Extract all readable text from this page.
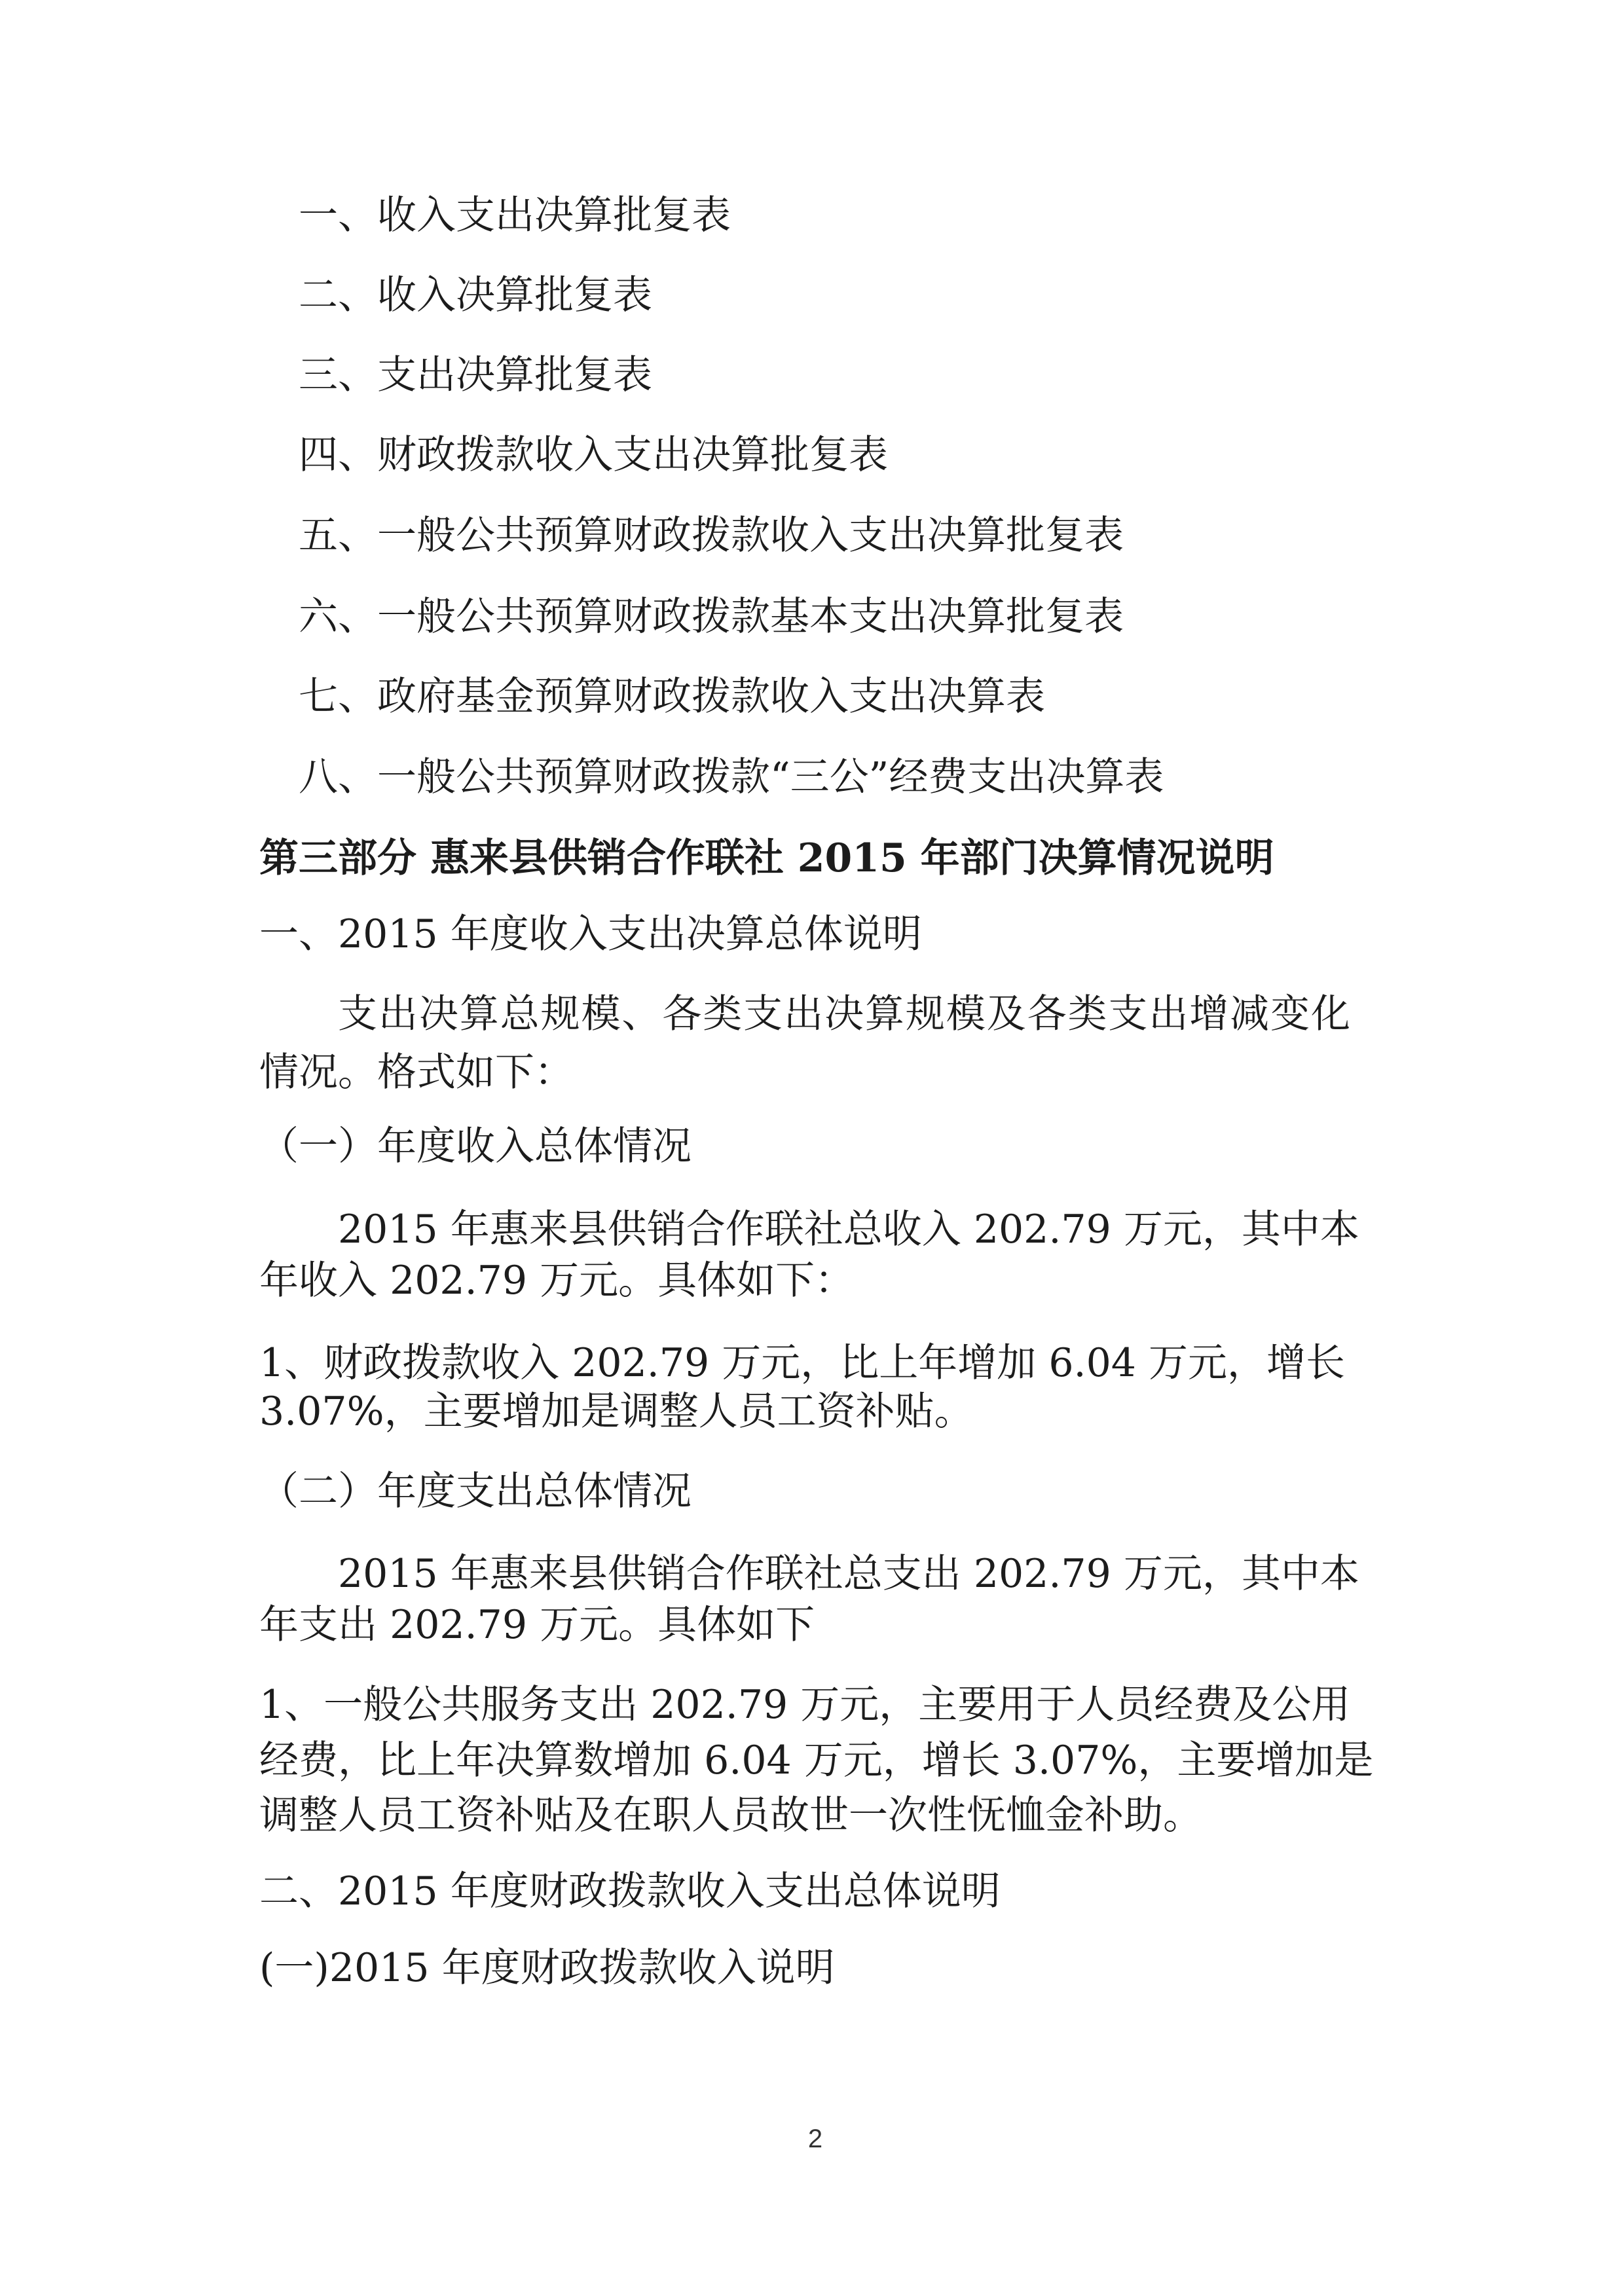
一、收入支出决算批复表
二、收入决算批复表
三、支出决算批复表
四、财政拨款收入支出决算批复表
五、一般公共预算财政拨款收入支出决算批复表
六、一般公共预算财政拨款基本支出决算批复表
七、政府基金预算财政拨款收入支出决算表
八、一般公共预算财政拨款“三公”经费支出决算表
第三部分 惠来县供销合作联社 2015 年部门决算情况说明
一、2015 年度收入支出决算总体说明
支出决算总规模、各类支出决算规模及各类支出增减变化
情况。格式如下：
（一）年度收入总体情况
2015 年惠来县供销合作联社总收入 202.79 万元，其中本
年收入 202.79 万元。具体如下：
1、财政拨款收入 202.79 万元，比上年增加 6.04 万元，增长
3.07%，主要增加是调整人员工资补贴。
（二）年度支出总体情况
2015 年惠来县供销合作联社总支出 202.79 万元，其中本
年支出 202.79 万元。具体如下
1、一般公共服务支出 202.79 万元，主要用于人员经费及公用
经费，比上年决算数增加 6.04 万元，增长 3.07%，主要增加是
调整人员工资补贴及在职人员故世一次性怃恤金补助。
二、2015 年度财政拨款收入支出总体说明
(一)2015 年度财政拨款收入说明
2
